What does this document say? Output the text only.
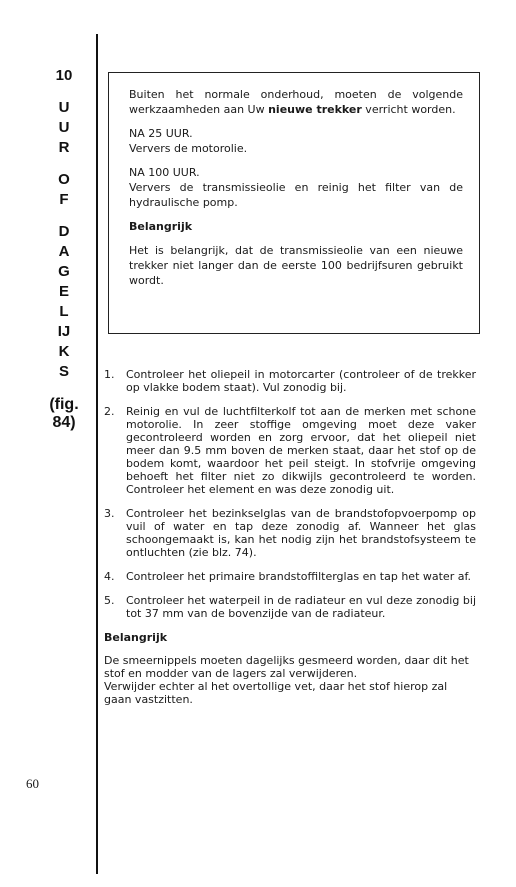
10
U
U
R
O
F
D
A
G
E
L
IJ
K
S
(fig.
84)

Buiten het normale onderhoud, moeten de volgende werkzaamheden aan Uw nieuwe trekker verricht worden.

NA 25 UUR.

Ververs de motorolie.

NA 100 UUR.

Ververs de transmissieolie en reinig het filter van de hydraulische pomp.

Belangrijk

Het is belangrijk, dat de transmissieolie van een nieuwe trekker niet langer dan de eerste 100 bedrijfsuren gebruikt wordt.

1.	Controleer het oliepeil in motorcarter (controleer of de trekker op vlakke bodem staat). Vul zonodig bij.
2.	Reinig en vul de luchtfilterkolf tot aan de merken met schone motorolie. In zeer stoffige omgeving moet deze vaker gecontroleerd worden en zorg ervoor, dat het oliepeil niet meer dan 9.5 mm boven de merken staat, daar het stof op de bodem komt, waardoor het peil steigt. In stofvrije omgeving behoeft het filter niet zo dikwijls gecontroleerd te worden. Controleer het element en was deze zonodig uit.
3.	Controleer het bezinkselglas van de brandstofopvoerpomp op vuil of water en tap deze zonodig af. Wanneer het glas schoongemaakt is, kan het nodig zijn het brandstofsysteem te ontluchten (zie blz. 74).
4.	Controleer het primaire brandstoffilterglas en tap het water af.
5.	Controleer het waterpeil in de radiateur en vul deze zonodig bij tot 37 mm van de bovenzijde van de radiateur.

Belangrijk

De smeernippels moeten dagelijks gesmeerd worden, daar dit het stof en modder van de lagers zal verwijderen.

Verwijder echter al het overtollige vet, daar het stof hierop zal gaan vastzitten.

60
